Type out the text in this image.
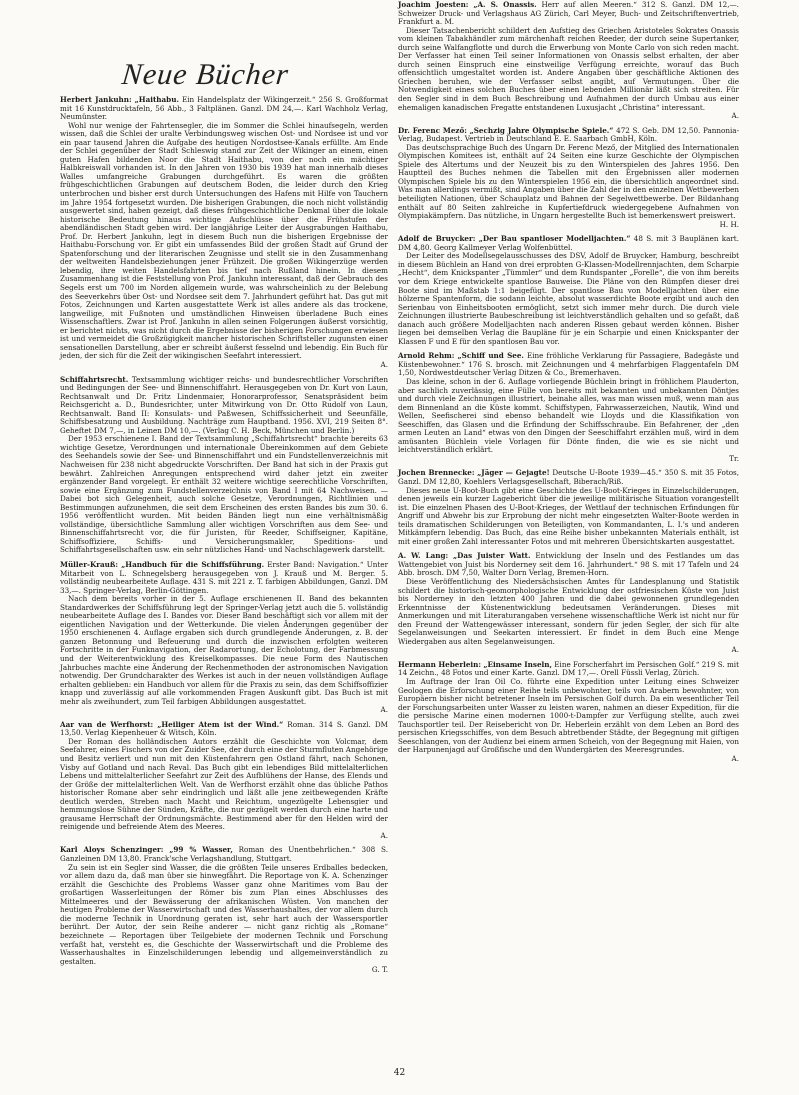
Neue Bücher

Herbert Jankuhn: „Haithabu. Ein Handelsplatz der Wikingerzeit.“ 256 S. Großformat mit 16 Kunstdrucktafeln, 56 Abb., 3 Faltplänen. Ganzl. DM 24,—. Karl Wachholz Verlag, Neumünster.

Wohl nur wenige der Fahrtensegler, die im Sommer die Schlei hinaufsegeln, werden wissen, daß die Schlei der uralte Verbindungsweg wischen Ost- und Nordsee ist und vor ein paar tausend Jahren die Aufgabe des heutigen Nordostsee-Kanals erfüllte. Am Ende der Schlei gegenüber der Stadt Schleswig stand zur Zeit der Wikinger an einem, einen guten Hafen bildenden Noor die Stadt Haithabu, von der noch ein mächtiger Halbkreiswall vorhanden ist. In den Jahren von 1930 bis 1939 hat man innerhalb dieses Walles umfangreiche Grabungen durchgeführt. Es waren die größten frühgeschichtlichen Grabungen auf deutschem Boden, die leider durch den Krieg unterbrochen und bisher erst durch Untersuchungen des Hafens mit Hilfe von Tauchern im Jahre 1954 fortgesetzt wurden. Die bisherigen Grabungen, die noch nicht vollständig ausgewertet sind, haben gezeigt, daß dieses frühgeschichtliche Denkmal über die lokale historische Bedeutung hinaus wichtige Aufschlüsse über die Frühstufen der abendländischen Stadt geben wird. Der langjährige Leiter der Ausgrabungen Haithabu, Prof. Dr. Herbert Jankuhn, legt in diesem Buch nun die bisherigen Ergebnisse der Haithabu-Forschung vor. Er gibt ein umfassendes Bild der großen Stadt auf Grund der Spatenforschung und der literarischen Zeugnisse und stellt sie in den Zusammenhang der weltweiten Handelsbeziehungen jener Frühzeit. Die großen Wikingerzüge werden lebendig, ihre weiten Handelsfahrten bis tief nach Rußland hinein. In diesem Zusammenhang ist die Feststellung von Prof. Jankuhn interessant, daß der Gebrauch des Segels erst um 700 im Norden allgemein wurde, was wahrscheinlich zu der Belebung des Seeverkehrs über Ost- und Nordsee seit dem 7. Jahrhundert geführt hat. Das gut mit Fotos, Zeichnungen und Karten ausgestattete Werk ist alles andere als das trockene, langweilige, mit Fußnoten und umständlichen Hinweisen überladene Buch eines Wissenschaftlers. Zwar ist Prof. Jankuhn in allen seinen Folgerungen äußerst vorsichtig, er berichtet nichts, was nicht durch die Ergebnisse der bisherigen Forschungen erwiesen ist und vermeidet die Großzügigkeit mancher historischen Schriftsteller zugunsten einer sensationellen Darstellung, aber er schreibt äußerst fesselnd und lebendig. Ein Buch für jeden, der sich für die Zeit der wikingischen Seefahrt interessiert.

A.

Schiffahrtsrecht. Textsammlung wichtiger reichs- und bundesrechtlicher Vorschriften und Bedingungen der See- und Binnenschiffahrt. Herausgegeben von Dr. Kurt von Laun, Rechtsanwalt und Dr. Fritz Lindenmaier, Honorarprofessor, Senatspräsident beim Reichsgericht a. D., Bundesrichter, unter Mitwirkung von Dr. Otto Rudolf von Laun, Rechtsanwalt. Band II: Konsulats- und Paßwesen, Schiffssicherheit und Seeunfälle, Schiffsbesatzung und Ausbildung. Nachträge zum Hauptband. 1956. XVI, 219 Seiten 8°. Geheftet DM 7,—, in Leinen DM 10,—. (Verlag C. H. Beck, München und Berlin.)

Der 1953 erschienene I. Band der Textsammlung „Schiffahrtsrecht“ brachte bereits 63 wichtige Gesetze, Verordnungen und internationale Übereinkommen auf dem Gebiete des Seehandels sowie der See- und Binnenschiffahrt und ein Fundstellenverzeichnis mit Nachweisen für 238 nicht abgedruckte Vorschriften. Der Band hat sich in der Praxis gut bewährt. Zahlreichen Anregungen entsprechend wird daher jetzt ein zweiter ergänzender Band vorgelegt. Er enthält 32 weitere wichtige seerechtliche Vorschriften, sowie eine Ergänzung zum Fundstellenverzeichnis von Band I mit 64 Nachweisen. — Dabei bot sich Gelegenheit, auch solche Gesetze, Verordnungen, Richtlinien und Bestimmungen aufzunehmen, die seit dem Erscheinen des ersten Bandes bis zum 30. 6. 1956 veröffentlicht wurden. Mit beiden Bänden liegt nun eine verhältnismäßig vollständige, übersichtliche Sammlung aller wichtigen Vorschriften aus dem See- und Binnenschiffahrtsrecht vor, die für Juristen, für Reeder, Schiffseigner, Kapitäne, Schiffsoffiziere, Schiffs- und Versicherungsmakler, Speditions- und Schiffahrtsgesellschaften usw. ein sehr nützliches Hand- und Nachschlagewerk darstellt.

Müller-Krauß: „Handbuch für die Schiffsführung. Erster Band: Navigation.“ Unter Mitarbeit von L. Schnegelsberg herausgegeben von J. Krauß und M. Berger. 5. vollständig neubearbeitete Auflage. 431 S. mit 221 z. T. farbigen Abbildungen, Ganzl. DM 33,—. Springer-Verlag, Berlin-Göttingen.

Nach dem bereits vorher in der 5. Auflage erschienenen II. Band des bekannten Standardwerkes der Schiffsführung legt der Springer-Verlag jetzt auch die 5. vollständig neubearbeitete Auflage des I. Bandes vor. Dieser Band beschäftigt sich vor allem mit der eigentlichen Navigation und der Wetterkunde. Die vielen Änderungen gegenüber der 1950 erschienenen 4. Auflage ergaben sich durch grundlegende Änderungen, z. B. der ganzen Betonnung und Befeuerung und durch die inzwischen erfolgten weiteren Fortschritte in der Funknavigation, der Radarortung, der Echolotung, der Farbmessung und der Weiterentwicklung des Kreiselkompasses. Die neue Form des Nautischen Jahrbuches machte eine Änderung der Rechenmethoden der astronomischen Navigation notwendig. Der Grundcharakter des Werkes ist auch in der neuen vollständigen Auflage erhalten geblieben: ein Handbuch vor allem für die Praxis zu sein, das dem Schiffsoffizier knapp und zuverlässig auf alle vorkommenden Fragen Auskunft gibt. Das Buch ist mit mehr als zweihundert, zum Teil farbigen Abbildungen ausgestattet.

A.

Aar van de Werfhorst: „Heiliger Atem ist der Wind.“ Roman. 314 S. Ganzl. DM 13,50. Verlag Kiepenheuer & Witsch, Köln.

Der Roman des holländischen Autors erzählt die Geschichte von Volcmar, dem Seefahrer, eines Fischers von der Zuider See, der durch eine der Sturmfluten Angehörige und Besitz verliert und nun mit den Küstenfahrern gen Ostland fährt, nach Schonen, Visby auf Gotland und nach Reval. Das Buch gibt ein lebendiges Bild mittelalterlichen Lebens und mittelalterlicher Seefahrt zur Zeit des Aufblühens der Hanse, des Elends und der Größe der mittelalterlichen Welt. Van de Werfhorst erzählt ohne das übliche Pathos historischer Romane aber sehr eindringlich und läßt alle jene zeitbewegenden Kräfte deutlich werden, Streben nach Macht und Reichtum, ungezügelte Lebensgier und hemmungslose Sühne der Sünden, Kräfte, die nur gezügelt werden durch eine harte und grausame Herrschaft der Ordnungsmächte. Bestimmend aber für den Helden wird der reinigende und befreiende Atem des Meeres.

A.

Karl Aloys Schenzinger: „99 % Wasser, Roman des Unentbehrlichen.“ 308 S. Ganzleinen DM 13,80. Franck'sche Verlagshandlung, Stuttgart.

Zu sein ist ein Segler sind Wasser, die die größten Teile unseres Erdballes bedecken, vor allem dazu da, daß man über sie hinwegfährt. Die Reportage von K. A. Schenzinger erzählt die Geschichte des Problems Wasser ganz ohne Maritimes vom Bau der großartigen Wasserleitungen der Römer bis zum Plan eines Abschlusses des Mittelmeeres und der Bewässerung der afrikanischen Wüsten. Von manchen der heutigen Probleme der Wasserwirtschaft und des Wasserhaushaltes, der vor allem durch die moderne Technik in Unordnung geraten ist, sehr hart auch der Wassersportler berührt. Der Autor, der sein Reihe anderer — nicht ganz richtig als „Romane“ bezeichnete — Reportagen über Teilgebiete der modernen Technik und Forschung verfaßt hat, versteht es, die Geschichte der Wasserwirtschaft und die Probleme des Wasserhaushaltes in Einzelschilderungen lebendig und allgemeinverständlich zu gestalten.

G. T.

Joachim Joesten: „A. S. Onassis. Herr auf allen Meeren.“ 312 S. Ganzl. DM 12,—. Schweizer Druck- und Verlagshaus AG Zürich, Carl Meyer, Buch- und Zeitschriftenvertrieb, Frankfurt a. M.

Dieser Tatsachenbericht schildert den Aufstieg des Griechen Aristoteles Sokrates Onassis vom kleinen Tabakhändler zum märchenhaft reichen Reeder, der durch seine Supertanker, durch seine Walfangflotte und durch die Erwerbung von Monte Carlo von sich reden macht. Der Verfasser hat einen Teil seiner Informationen von Onassis selbst erhalten, der aber durch seinen Einspruch eine einstweilige Verfügung erreichte, worauf das Buch offensichtlich umgestaltet worden ist. Andere Angaben über geschäftliche Aktionen des Griechen beruhen, wie der Verfasser selbst angibt, auf Vermutungen. Über die Notwendigkeit eines solchen Buches über einen lebenden Millionär läßt sich streiten. Für den Segler sind in dem Buch Beschreibung und Aufnahmen der durch Umbau aus einer ehemaligen kanadischen Fregatte entstandenen Luxusjacht „Christina“ interessant.

A.

Dr. Ferenc Mező: „Sechzig Jahre Olympische Spiele.“ 472 S. Geb. DM 12,50. Pannonia-Verlag, Budapest. Vertrieb in Deutschland E. E. Saarbach GmbH, Köln.

Das deutschsprachige Buch des Ungarn Dr. Ferenc Mező, der Mitglied des Internationalen Olympischen Komitees ist, enthält auf 24 Seiten eine kurze Geschichte der Olympischen Spiele des Altertums und der Neuzeit bis zu den Winterspielen des Jahres 1956. Den Hauptteil des Buches nehmen die Tabellen mit den Ergebnissen aller modernen Olympischen Spiele bis zu den Winterspielen 1956 ein, die übersichtlich angeordnet sind. Was man allerdings vermißt, sind Angaben über die Zahl der in den einzelnen Wettbewerben beteiligten Nationen, über Schauplatz und Bahnen der Segelwettbewerbe. Der Bildanhang enthält auf 80 Seiten zahlreiche in Kupfertiefdruck wiedergegebene Aufnahmen von Olympiakämpfern. Das nützliche, in Ungarn hergestellte Buch ist bemerkenswert preiswert.

H. H.

Adolf de Bruycker: „Der Bau spantloser Modelljachten.“ 48 S. mit 3 Bauplänen kart. DM 4,80. Georg Kallmeyer Verlag Wolfenbüttel.

Der Leiter des Modellsegelausschusses des DSV, Adolf de Bruycker, Hamburg, beschreibt in diesem Büchlein an Hand von drei erprobten G-Klassen-Modellrennjachten, dem Scharpie „Hecht“, dem Knickspanter „Tümmler“ und dem Rundspanter „Forelle“, die von ihm bereits vor dem Kriege entwickelte spantlose Bauweise. Die Pläne von den Rümpfen dieser drei Boote sind im Maßstab 1:1 beigefügt. Der spantlose Bau von Modelljachten über eine hölzerne Spantenform, die sodann leichte, absolut wasserdichte Boote ergibt und auch den Serienbau von Einheitsbooten ermöglicht, setzt sich immer mehr durch. Die durch viele Zeichnungen illustrierte Baubeschreibung ist leichtverständlich gehalten und so gefaßt, daß danach auch größere Modelljachten nach anderen Rissen gebaut werden können. Bisher liegen bei demselben Verlag die Baupläne für je ein Scharpie und einen Knickspanter der Klassen F und E für den spantlosen Bau vor.

Arnold Rehm: „Schiff und See. Eine fröhliche Verklarung für Passagiere, Badegäste und Küstenbewohner.“ 176 S. brosch. mit Zeichnungen und 4 mehrfarbigen Flaggentafeln DM 1,50, Nordwestdeutscher Verlag Ditzen & Co., Bremerhaven.

Das kleine, schon in der 6. Auflage vorliegende Büchlein bringt in fröhlichem Plauderton, aber sachlich zuverlässig, eine Fülle von bereits mit bekannten und unbekannten Döntjes und durch viele Zeichnungen illustriert, beinahe alles, was man wissen muß, wenn man aus dem Binnenland an die Küste kommt. Schiffstypen, Fahrwasserzeichen, Nautik, Wind und Wellen, Seefischerei sind ebenso behandelt wie Lloyds und die Klassifikation von Seeschiffen, das Glasen und die Erfindung der Schiffsschraube. Ein Befahrener, der „den armen Leuten an Land“ etwas von den Dingen der Seeschiffahrt erzählen muß, wird in dem amüsanten Büchlein viele Vorlagen für Dönte finden, die wie es sie nicht und leichtverständlich erklärt.

Tr.

Jochen Brennecke: „Jäger — Gejagte! Deutsche U-Boote 1939—45.“ 350 S. mit 35 Fotos, Ganzl. DM 12,80, Koehlers Verlagsgesellschaft, Biberach/Riß.

Dieses neue U-Boot-Buch gibt eine Geschichte des U-Boot-Krieges in Einzelschilderungen, denen jeweils ein kurzer Lagebericht über die jeweilige militärische Situation vorangestellt ist. Die einzelnen Phasen des U-Boot-Krieges, der Wettlauf der technischen Erfindungen für Angriff und Abwehr bis zur Erprobung der nicht mehr eingesetzten Walter-Boote werden in teils dramatischen Schilderungen von Beteiligten, von Kommandanten, L. I.'s und anderen Mitkämpfern lebendig. Das Buch, das eine Reihe bisher unbekannten Materials enthält, ist mit einer großen Zahl interessanter Fotos und mit mehreren Übersichtskarten ausgestattet.

A. W. Lang: „Das Juister Watt. Entwicklung der Inseln und des Festlandes um das Wattengebiet von Juist bis Norderney seit dem 16. Jahrhundert.“ 98 S. mit 17 Tafeln und 24 Abb. brosch. DM 7,50, Walter Dorn Verlag, Bremen-Horn.

Diese Veröffentlichung des Niedersächsischen Amtes für Landesplanung und Statistik schildert die historisch-geomorphologische Entwicklung der ostfriesischen Küste von Juist bis Norderney in den letzten 400 Jahren und die dabei gewonnenen grundlegenden Erkenntnisse der Küstenentwicklung bedeutsamen Veränderungen. Dieses mit Anmerkungen und mit Literaturangaben versehene wissenschaftliche Werk ist nicht nur für den Freund der Wattengewässer interessant, sondern für jeden Segler, der sich für alte Segelanweisungen und Seekarten interessiert. Er findet in dem Buch eine Menge Wiedergaben aus alten Segelanweisungen.

A.

Hermann Heberlein: „Einsame Inseln, Eine Forscherfahrt im Persischen Golf.“ 219 S. mit 14 Zeichn., 48 Fotos und einer Karte. Ganzl. DM 17,—. Orell Füssli Verlag, Zürich.

Im Auftrage der Iran Oil Co. führte eine Expedition unter Leitung eines Schweizer Geologen die Erforschung einer Reihe teils unbewohnter, teils von Arabern bewohnter, von Europäern bisher nicht betretener Inseln im Persischen Golf durch. Da ein wesentlicher Teil der Forschungsarbeiten unter Wasser zu leisten waren, nahmen an dieser Expedition, für die die persische Marine einen modernen 1000-t-Dampfer zur Verfügung stellte, auch zwei Tauchsportler teil. Der Reisebericht von Dr. Heberlein erzählt von dem Leben an Bord des persischen Kriegsschiffes, von dem Besuch abtretbender Städte, der Begegnung mit giftigen Seeschlangen, von der Audienz bei einem armen Scheich, von der Begegnung mit Haien, von der Harpunenjagd auf Großfische und den Wundergärten des Meeresgrundes.

A.

42
